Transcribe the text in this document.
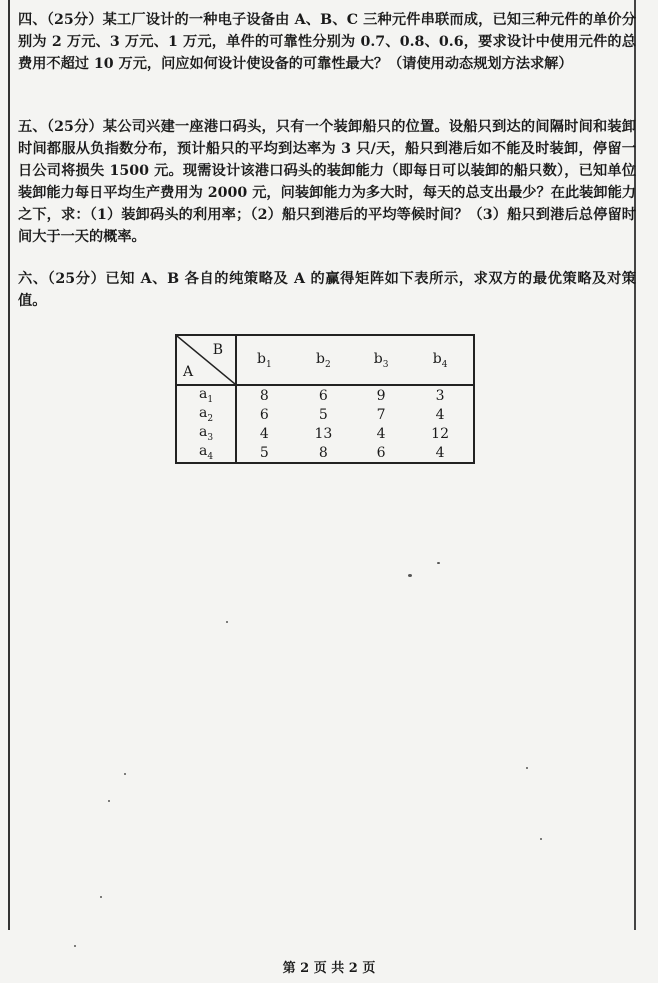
四、（25分）某工厂设计的一种电子设备由 A、B、C 三种元件串联而成，已知三种元件的单价分别为 2 万元、3 万元、1 万元，单件的可靠性分别为 0.7、0.8、0.6，要求设计中使用元件的总费用不超过 10 万元，问应如何设计使设备的可靠性最大？（请使用动态规划方法求解）

五、（25分）某公司兴建一座港口码头，只有一个装卸船只的位置。设船只到达的间隔时间和装卸时间都服从负指数分布，预计船只的平均到达率为 3 只/天，船只到港后如不能及时装卸，停留一日公司将损失 1500 元。现需设计该港口码头的装卸能力（即每日可以装卸的船只数），已知单位装卸能力每日平均生产费用为 2000 元，问装卸能力为多大时，每天的总支出最少？在此装卸能力之下，求：（1）装卸码头的利用率；（2）船只到港后的平均等候时间？（3）船只到港后总停留时间大于一天的概率。

六、（25分）已知 A、B 各自的纯策略及 A 的赢得矩阵如下表所示，求双方的最优策略及对策值。

B
A	$b_1$	$b_2$	$b_3$	$b_4$
$a_1$	8	6	9	3
$a_2$	6	5	7	4
$a_3$	4	13	4	12
$a_4$	5	8	6	4
第 2 页 共 2 页
